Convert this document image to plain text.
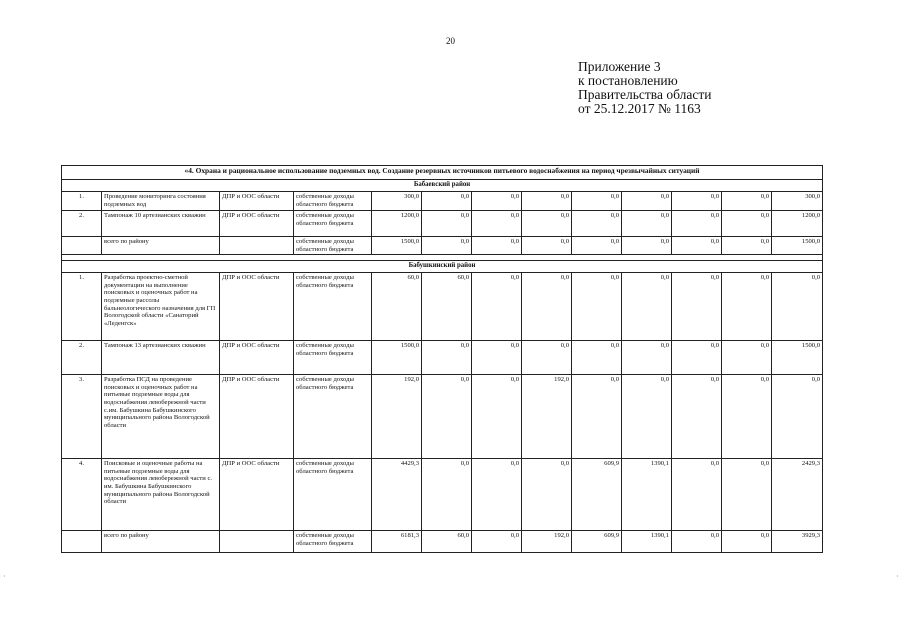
20
Приложение 3
к постановлению
Правительства области
от 25.12.2017 № 1163
·	·
«4. Охрана и рациональное использование подземных вод. Создание резервных источников питьевого водоснабжения на период чрезвычайных ситуаций												
Бабаевский район												
1.	Проведение мониторинга состояния подземных вод	ДПР и ООС области	собственные доходы областного бюджета	300,0	0,0	0,0	0,0	0,0	0,0	0,0	0,0	300,0
2.	Тампонаж 10 артезианских скважин	ДПР и ООС области	собственные доходы областного бюджета	1200,0	0,0	0,0	0,0	0,0	0,0	0,0	0,0	1200,0
	всего по району		собственные доходы областного бюджета	1500,0	0,0	0,0	0,0	0,0	0,0	0,0	0,0	1500,0

Бабушкинский район												
1.	Разработка проектно-сметной документации на выполнение поисковых и оценочных работ на подземные рассолы бальнеологического назначения для ГП Вологодской области «Санаторий «Леденгск»	ДПР и ООС области	собственные доходы областного бюджета	60,0	60,0	0,0	0,0	0,0	0,0	0,0	0,0	0,0
2.	Тампонаж 13 артезианских скважин	ДПР и ООС области	собственные доходы областного бюджета	1500,0	0,0	0,0	0,0	0,0	0,0	0,0	0,0	1500,0
3.	Разработка ПСД на проведение поисковых и оценочных работ на питьевые подземные воды для водоснабжения левобережной части с.им. Бабушкина Бабушкинского муниципального района Вологодской области	ДПР и ООС области	собственные доходы областного бюджета	192,0	0,0	0,0	192,0	0,0	0,0	0,0	0,0	0,0
4.	Поисковые и оценочные работы на питьевые подземные воды для водоснабжения левобережной части с. им. Бабушкина Бабушкинского муниципального района Вологодской области	ДПР и ООС области	собственные доходы областного бюджета	4429,3	0,0	0,0	0,0	609,9	1390,1	0,0	0,0	2429,3
	всего по району		собственные доходы областного бюджета	6181,3	60,0	0,0	192,0	609,9	1390,1	0,0	0,0	3929,3
